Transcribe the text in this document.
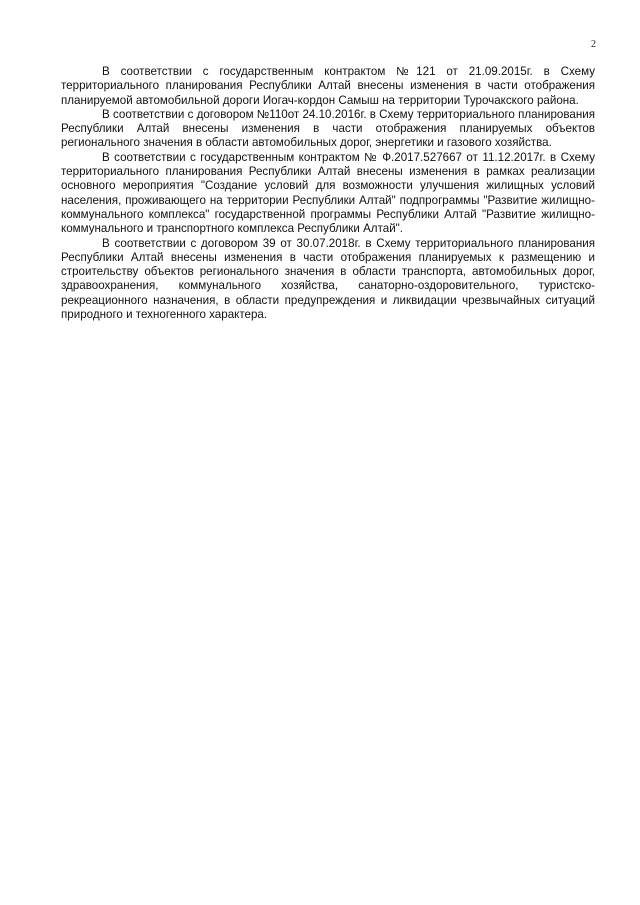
2

В соответствии с государственным контрактом №121 от 21.09.2015г. в Схему территориального планирования Республики Алтай внесены изменения в части отображения планируемой автомобильной дороги Иогач-кордон Самыш на территории Турочакского района.

В соответствии с договором №110от 24.10.2016г. в Схему территориального планирования Республики Алтай внесены изменения в части отображения планируемых объектов регионального значения в области автомобильных дорог, энергетики и газового хозяйства.

В соответствии с государственным контрактом № Ф.2017.527667 от 11.12.2017г. в Схему территориального планирования Республики Алтай внесены изменения в рамках реализации основного мероприятия "Создание условий для возможности улучшения жилищных условий населения, проживающего на территории Республики Алтай" подпрограммы "Развитие жилищно-коммунального комплекса" государственной программы Республики Алтай "Развитие жилищно-коммунального и транспортного комплекса Республики Алтай".

В соответствии с договором 39 от 30.07.2018г. в Схему территориального планирования Республики Алтай внесены изменения в части отображения планируемых к размещению и строительству объектов регионального значения в области транспорта, автомобильных дорог, здравоохранения, коммунального хозяйства, санаторно-оздоровительного, туристско-рекреационного назначения, в области предупреждения и ликвидации чрезвычайных ситуаций природного и техногенного характера.
